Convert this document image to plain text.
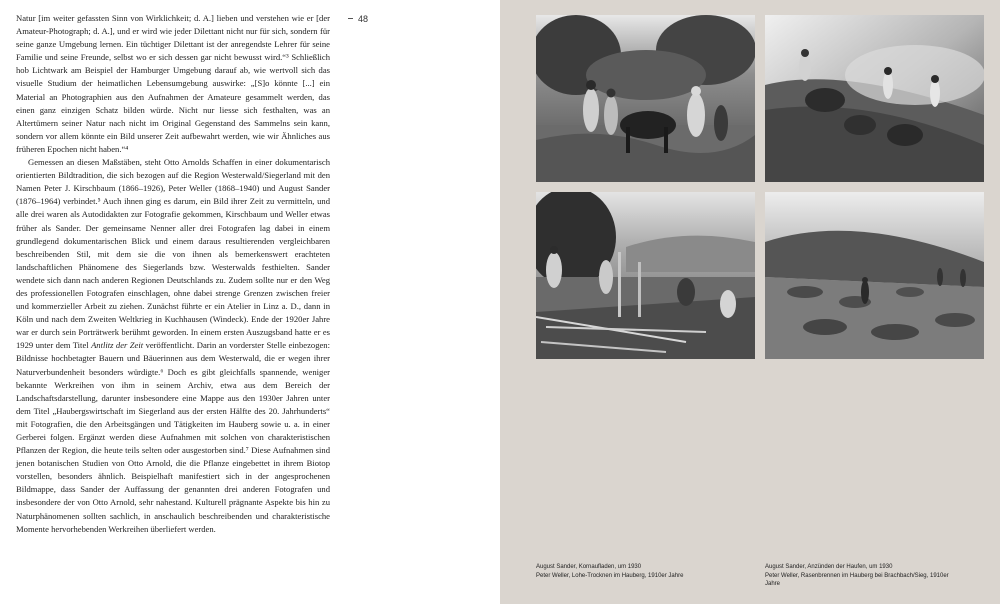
Natur [im weiter gefassten Sinn von Wirklichkeit; d. A.] lieben und verstehen wie er [der Amateur-Photograph; d. A.], und er wird wie jeder Dilettant nicht nur für sich, sondern für seine ganze Umgebung lernen. Ein tüchtiger Dilettant ist der anregendste Lehrer für seine Familie und seine Freunde, selbst wo er sich dessen gar nicht bewusst wird.“³ Schließlich hob Lichtwark am Beispiel der Hamburger Umgebung darauf ab, wie wertvoll sich das visuelle Studium der heimatlichen Lebensumgebung auswirke: „[S]o könnte [...] ein Material an Photographien aus den Aufnahmen der Amateure gesammelt werden, das einen ganz einzigen Schatz bilden würde. Nicht nur liesse sich festhalten, was an Altertümern seiner Natur nach nicht im Original Gegenstand des Sammelns sein kann, sondern vor allem könnte ein Bild unserer Zeit aufbewahrt werden, wie wir Ähnliches aus früheren Epochen nicht haben.“⁴

Gemessen an diesen Maßstäben, steht Otto Arnolds Schaffen in einer dokumentarisch orientierten Bildtradition, die sich bezogen auf die Region Westerwald/Siegerland mit den Namen Peter J. Kirschbaum (1866–1926), Peter Weller (1868–1940) und August Sander (1876–1964) verbindet.⁵ Auch ihnen ging es darum, ein Bild ihrer Zeit zu vermitteln, und alle drei waren als Autodidakten zur Fotografie gekommen, Kirschbaum und Weller etwas früher als Sander. Der gemeinsame Nenner aller drei Fotografen lag dabei in einem grundlegend dokumentarischen Blick und einem daraus resultierenden vergleichbaren beschreibenden Stil, mit dem sie die von ihnen als bemerkenswert erachteten landschaftlichen Phänomene des Siegerlands bzw. Westerwalds festhielten. Sander wendete sich dann nach anderen Regionen Deutschlands zu. Zudem sollte nur er den Weg des professionellen Fotografen einschlagen, ohne dabei strenge Grenzen zwischen freier und kommerzieller Arbeit zu ziehen. Zunächst führte er ein Atelier in Linz a. D., dann in Köln und nach dem Zweiten Weltkrieg in Kuchhausen (Windeck). Ende der 1920er Jahre war er durch sein Porträtwerk berühmt geworden. In einem ersten Auszugsband hatte er es 1929 unter dem Titel Antlitz der Zeit veröffentlicht. Darin an vorderster Stelle einbezogen: Bildnisse hochbetagter Bauern und Bäuerinnen aus dem Westerwald, die er wegen ihrer Naturverbundenheit besonders würdigte.⁶ Doch es gibt gleichfalls spannende, weniger bekannte Werkreihen von ihm in seinem Archiv, etwa aus dem Bereich der Landschaftsdarstellung, darunter insbesondere eine Mappe aus den 1930er Jahren unter dem Titel „Haubergswirtschaft im Siegerland aus der ersten Hälfte des 20. Jahrhunderts“ mit Fotografien, die den Arbeitsgängen und Tätigkeiten im Hauberg sowie u. a. in einer Gerberei folgen. Ergänzt werden diese Aufnahmen mit solchen von charakteristischen Pflanzen der Region, die heute teils selten oder ausgestorben sind.⁷ Diese Aufnahmen sind jenen botanischen Studien von Otto Arnold, die die Pflanze eingebettet in ihrem Biotop vorstellen, besonders ähnlich. Beispielhaft manifestiert sich in der angesprochenen Bildmappe, dass Sander der Auffassung der genannten drei anderen Fotografen und insbesondere der von Otto Arnold, sehr nahestand. Kulturell prägnante Aspekte bis hin zu Naturphänomenen sollten sachlich, in anschaulich beschreibenden und charakteristische Momente hervorhebenden Werkreihen überliefert werden.

48

August Sander, Kornaufladen, um 1930

Peter Weller, Lohe-Trocknen im Hauberg, 1910er Jahre

August Sander, Anzünden der Haufen, um 1930

Peter Weller, Rasenbrennen im Hauberg bei Brachbach/Sieg, 1910er Jahre
